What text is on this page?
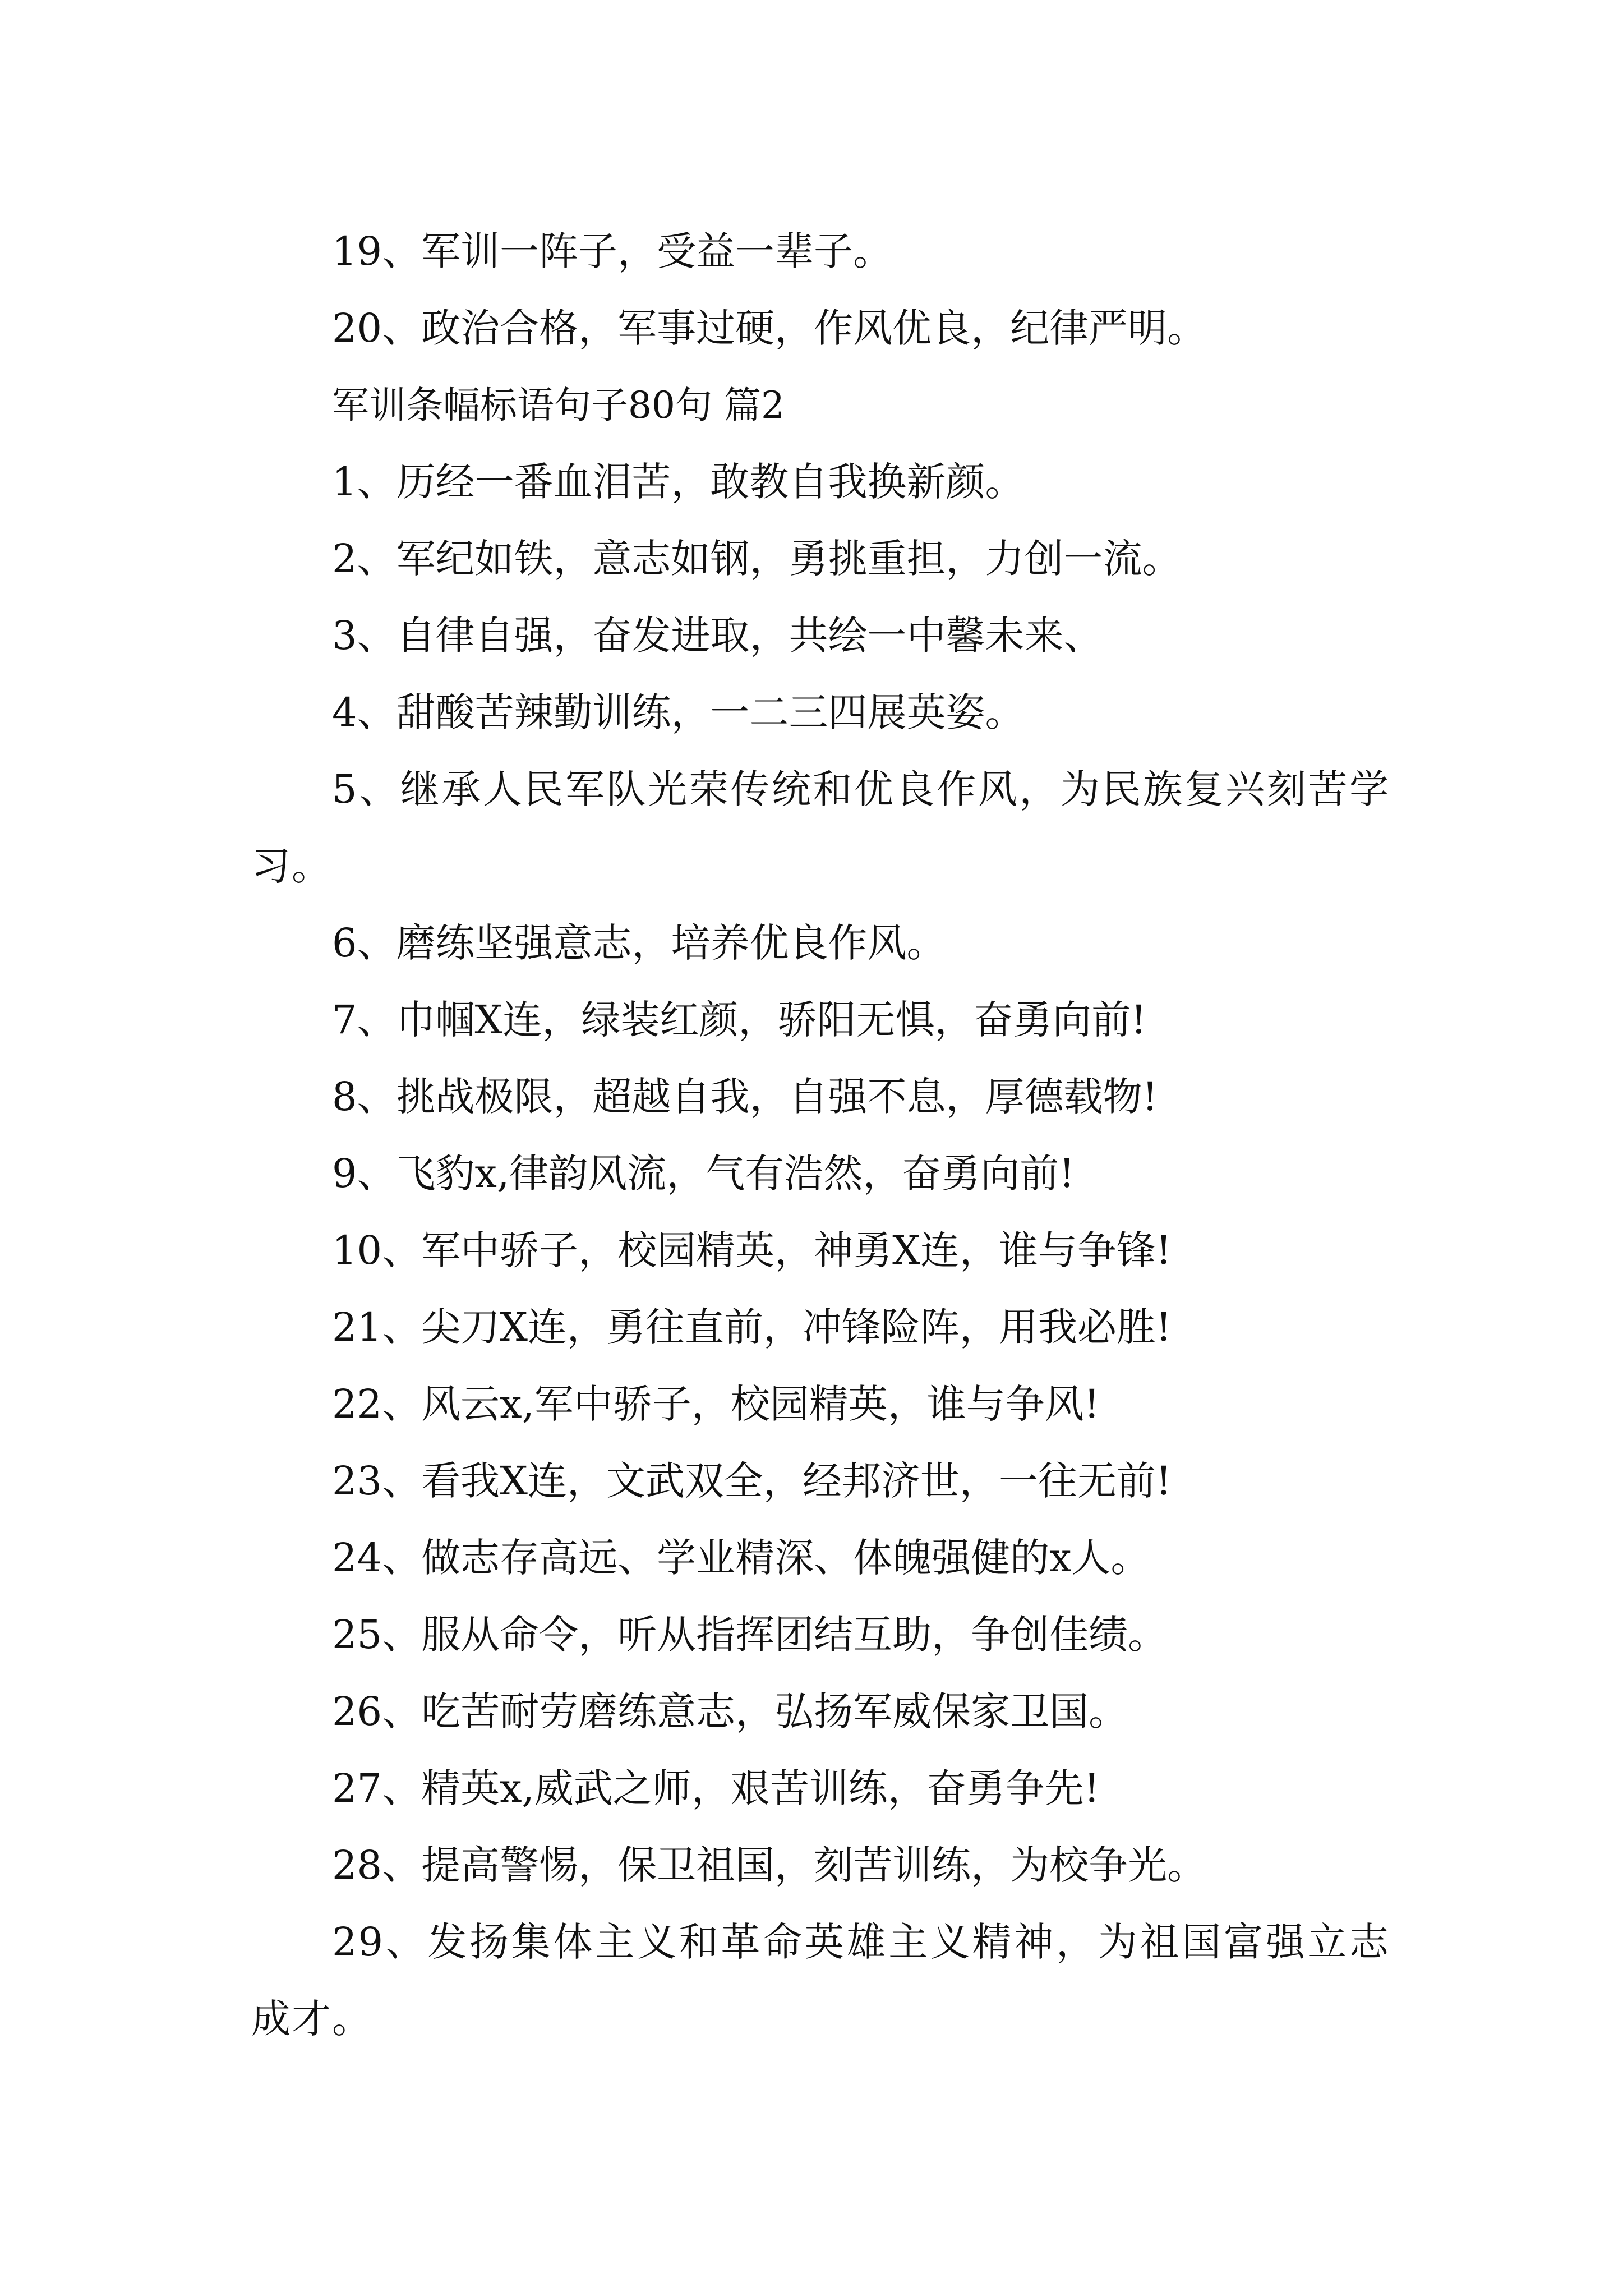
19、军训一阵子，受益一辈子。
20、政治合格，军事过硬，作风优良，纪律严明。
军训条幅标语句子80句 篇2
1、历经一番血泪苦，敢教自我换新颜。
2、军纪如铁，意志如钢，勇挑重担，力创一流。
3、自律自强，奋发进取，共绘一中馨未来、
4、甜酸苦辣勤训练，一二三四展英姿。
5、继承人民军队光荣传统和优良作风，为民族复兴刻苦学习。
6、磨练坚强意志，培养优良作风。
7、巾帼X连，绿装红颜，骄阳无惧，奋勇向前!
8、挑战极限，超越自我，自强不息，厚德载物!
9、飞豹x,律韵风流，气有浩然，奋勇向前!
10、军中骄子，校园精英，神勇X连，谁与争锋!
21、尖刀X连，勇往直前，冲锋险阵，用我必胜!
22、风云x,军中骄子，校园精英，谁与争风!
23、看我X连，文武双全，经邦济世，一往无前!
24、做志存高远、学业精深、体魄强健的x人。
25、服从命令，听从指挥团结互助，争创佳绩。
26、吃苦耐劳磨练意志，弘扬军威保家卫国。
27、精英x,威武之师，艰苦训练，奋勇争先!
28、提高警惕，保卫祖国，刻苦训练，为校争光。
29、发扬集体主义和革命英雄主义精神，为祖国富强立志成才。
